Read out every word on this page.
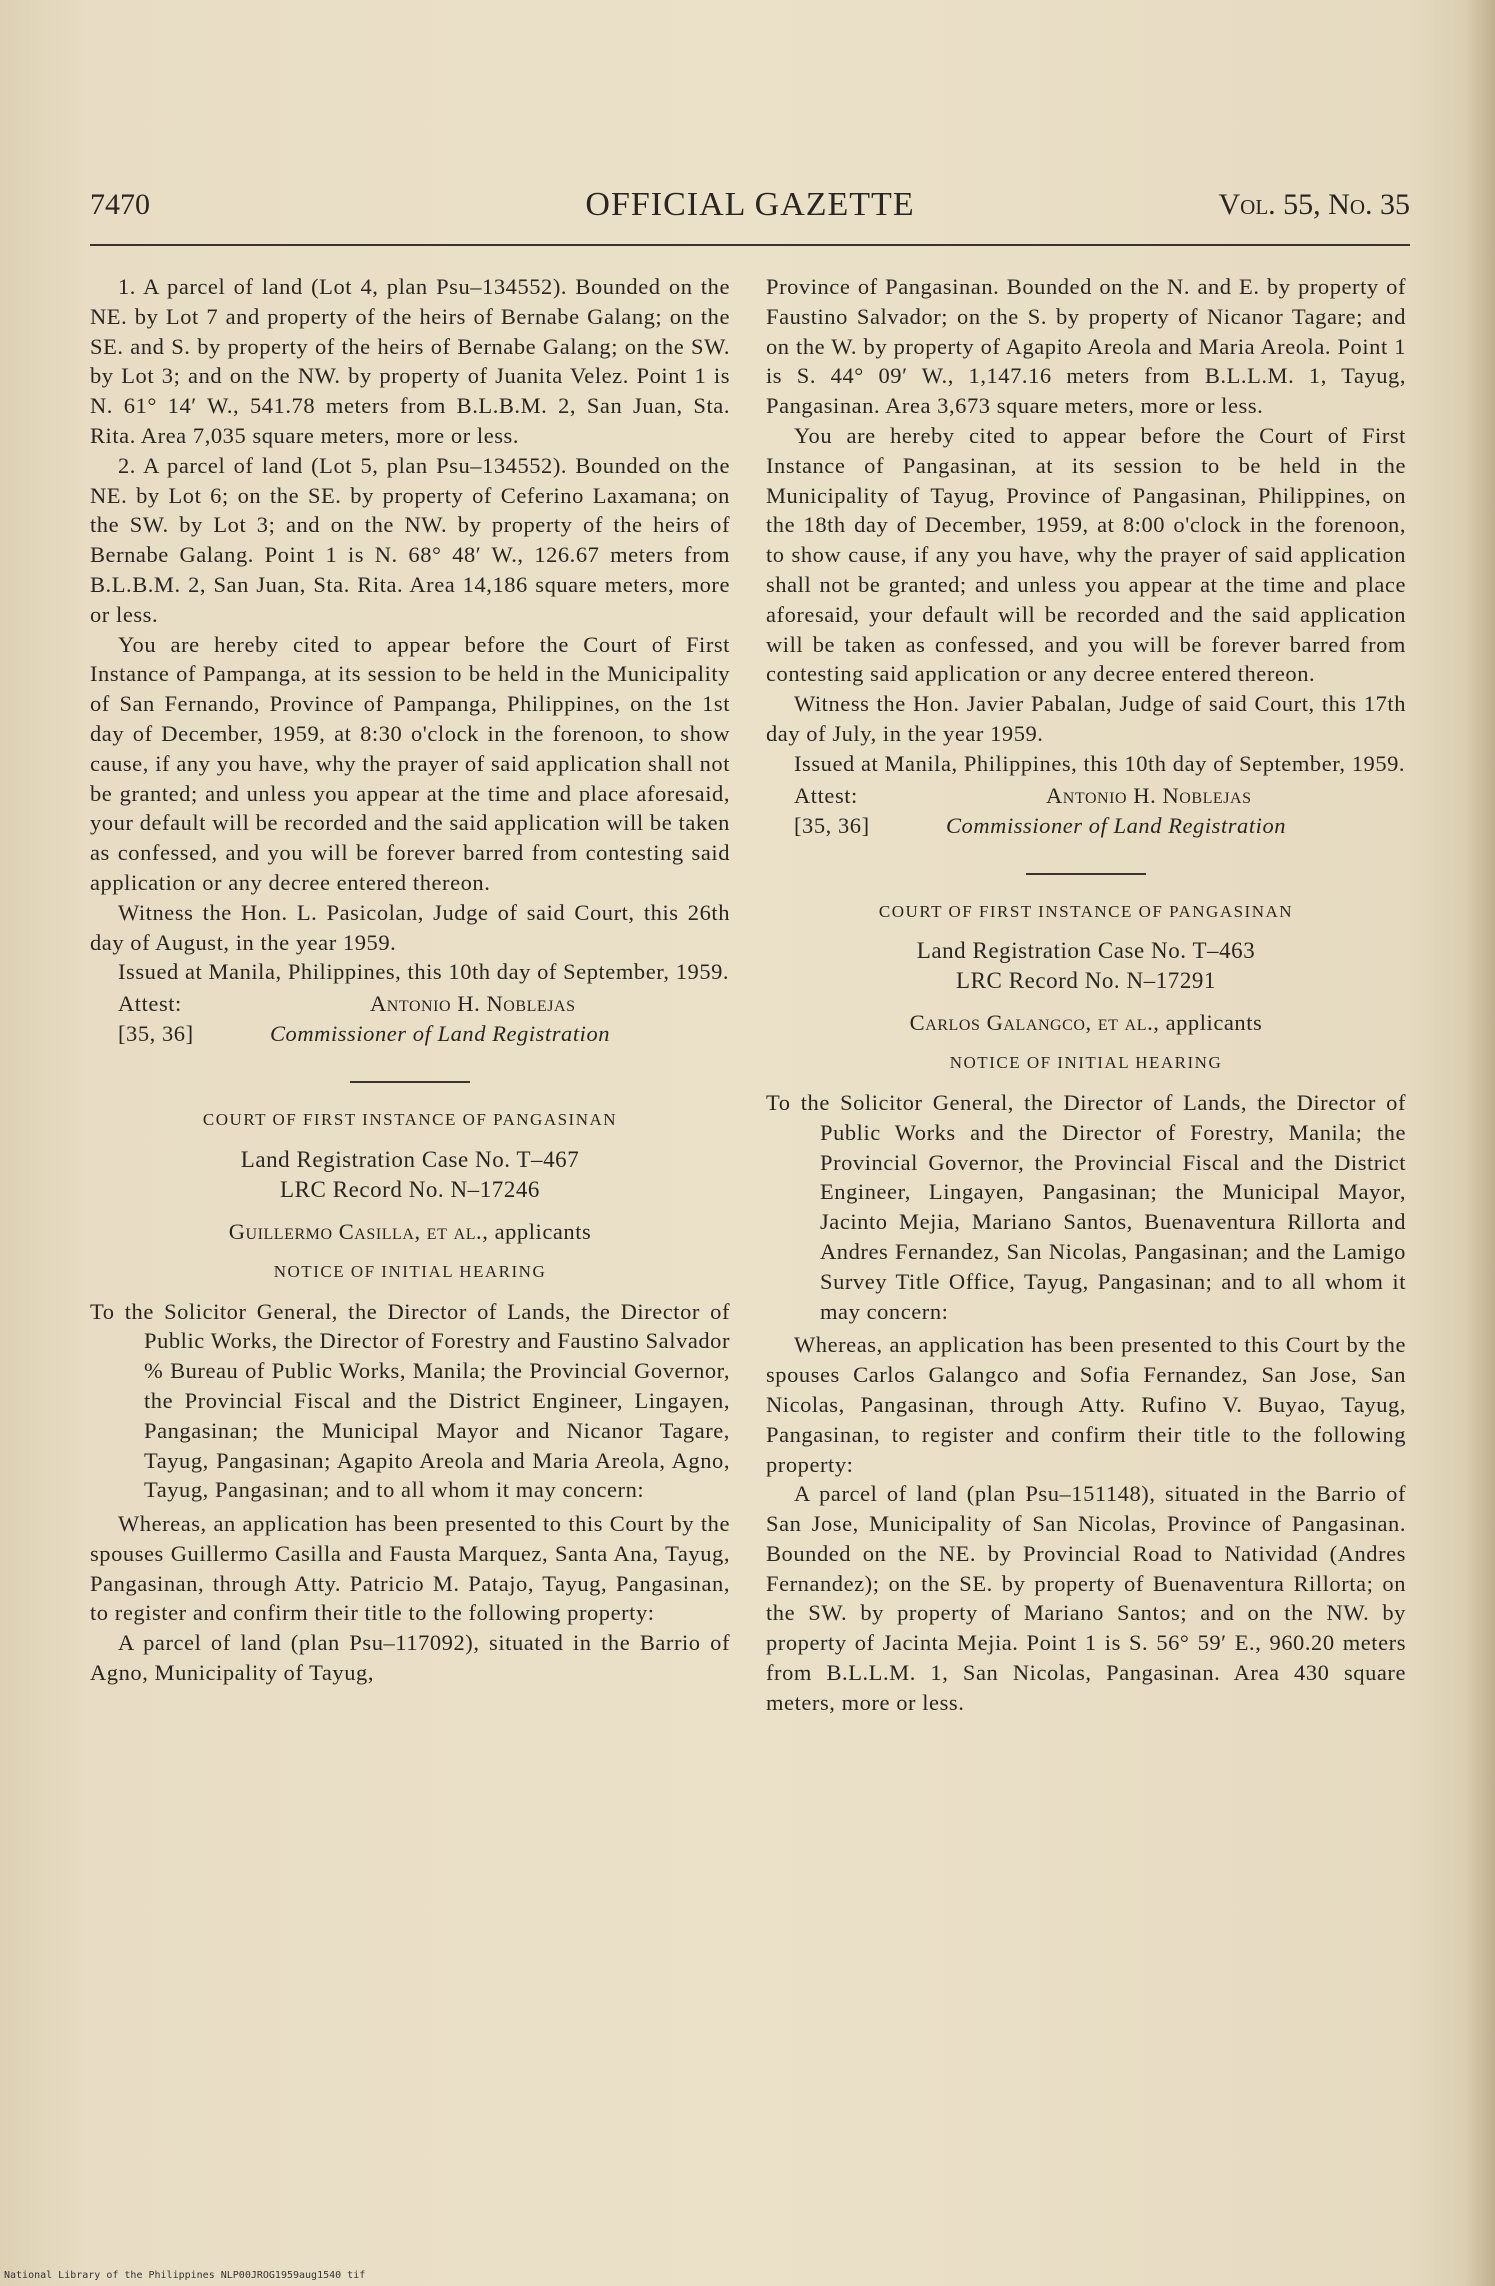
7470	OFFICIAL GAZETTE	Vol. 55, No. 35

1. A parcel of land (Lot 4, plan Psu–134552). Bounded on the NE. by Lot 7 and property of the heirs of Bernabe Galang; on the SE. and S. by property of the heirs of Bernabe Galang; on the SW. by Lot 3; and on the NW. by property of Juanita Velez. Point 1 is N. 61° 14′ W., 541.78 meters from B.L.B.M. 2, San Juan, Sta. Rita. Area 7,035 square meters, more or less.

2. A parcel of land (Lot 5, plan Psu–134552). Bounded on the NE. by Lot 6; on the SE. by property of Ceferino Laxamana; on the SW. by Lot 3; and on the NW. by property of the heirs of Bernabe Galang. Point 1 is N. 68° 48′ W., 126.67 meters from B.L.B.M. 2, San Juan, Sta. Rita. Area 14,186 square meters, more or less.

You are hereby cited to appear before the Court of First Instance of Pampanga, at its session to be held in the Municipality of San Fernando, Province of Pampanga, Philippines, on the 1st day of December, 1959, at 8:30 o'clock in the forenoon, to show cause, if any you have, why the prayer of said application shall not be granted; and unless you appear at the time and place aforesaid, your default will be recorded and the said application will be taken as confessed, and you will be forever barred from contesting said application or any decree entered thereon.

Witness the Hon. L. Pasicolan, Judge of said Court, this 26th day of August, in the year 1959.

Issued at Manila, Philippines, this 10th day of September, 1959.

Attest:	Antonio H. Noblejas
[35, 36]	Commissioner of Land Registration
COURT OF FIRST INSTANCE OF PANGASINAN
Land Registration Case No. T–467
LRC Record No. N–17246
Guillermo Casilla, et al., applicants
NOTICE OF INITIAL HEARING

To the Solicitor General, the Director of Lands, the Director of Public Works, the Director of Forestry and Faustino Salvador % Bureau of Public Works, Manila; the Provincial Governor, the Provincial Fiscal and the District Engineer, Lingayen, Pangasinan; the Municipal Mayor and Nicanor Tagare, Tayug, Pangasinan; Agapito Areola and Maria Areola, Agno, Tayug, Pangasinan; and to all whom it may concern:

Whereas, an application has been presented to this Court by the spouses Guillermo Casilla and Fausta Marquez, Santa Ana, Tayug, Pangasinan, through Atty. Patricio M. Patajo, Tayug, Pangasinan, to register and confirm their title to the following property:

A parcel of land (plan Psu–117092), situated in the Barrio of Agno, Municipality of Tayug,

Province of Pangasinan. Bounded on the N. and E. by property of Faustino Salvador; on the S. by property of Nicanor Tagare; and on the W. by property of Agapito Areola and Maria Areola. Point 1 is S. 44° 09′ W., 1,147.16 meters from B.L.L.M. 1, Tayug, Pangasinan. Area 3,673 square meters, more or less.

You are hereby cited to appear before the Court of First Instance of Pangasinan, at its session to be held in the Municipality of Tayug, Province of Pangasinan, Philippines, on the 18th day of December, 1959, at 8:00 o'clock in the forenoon, to show cause, if any you have, why the prayer of said application shall not be granted; and unless you appear at the time and place aforesaid, your default will be recorded and the said application will be taken as confessed, and you will be forever barred from contesting said application or any decree entered thereon.

Witness the Hon. Javier Pabalan, Judge of said Court, this 17th day of July, in the year 1959.

Issued at Manila, Philippines, this 10th day of September, 1959.

Attest:	Antonio H. Noblejas
[35, 36]	Commissioner of Land Registration
COURT OF FIRST INSTANCE OF PANGASINAN
Land Registration Case No. T–463
LRC Record No. N–17291
Carlos Galangco, et al., applicants
NOTICE OF INITIAL HEARING

To the Solicitor General, the Director of Lands, the Director of Public Works and the Director of Forestry, Manila; the Provincial Governor, the Provincial Fiscal and the District Engineer, Lingayen, Pangasinan; the Municipal Mayor, Jacinto Mejia, Mariano Santos, Buenaventura Rillorta and Andres Fernandez, San Nicolas, Pangasinan; and the Lamigo Survey Title Office, Tayug, Pangasinan; and to all whom it may concern:

Whereas, an application has been presented to this Court by the spouses Carlos Galangco and Sofia Fernandez, San Jose, San Nicolas, Pangasinan, through Atty. Rufino V. Buyao, Tayug, Pangasinan, to register and confirm their title to the following property:

A parcel of land (plan Psu–151148), situated in the Barrio of San Jose, Municipality of San Nicolas, Province of Pangasinan. Bounded on the NE. by Provincial Road to Natividad (Andres Fernandez); on the SE. by property of Buenaventura Rillorta; on the SW. by property of Mariano Santos; and on the NW. by property of Jacinta Mejia. Point 1 is S. 56° 59′ E., 960.20 meters from B.L.L.M. 1, San Nicolas, Pangasinan. Area 430 square meters, more or less.

National Library of the Philippines NLP00JROG1959aug1540 tif
